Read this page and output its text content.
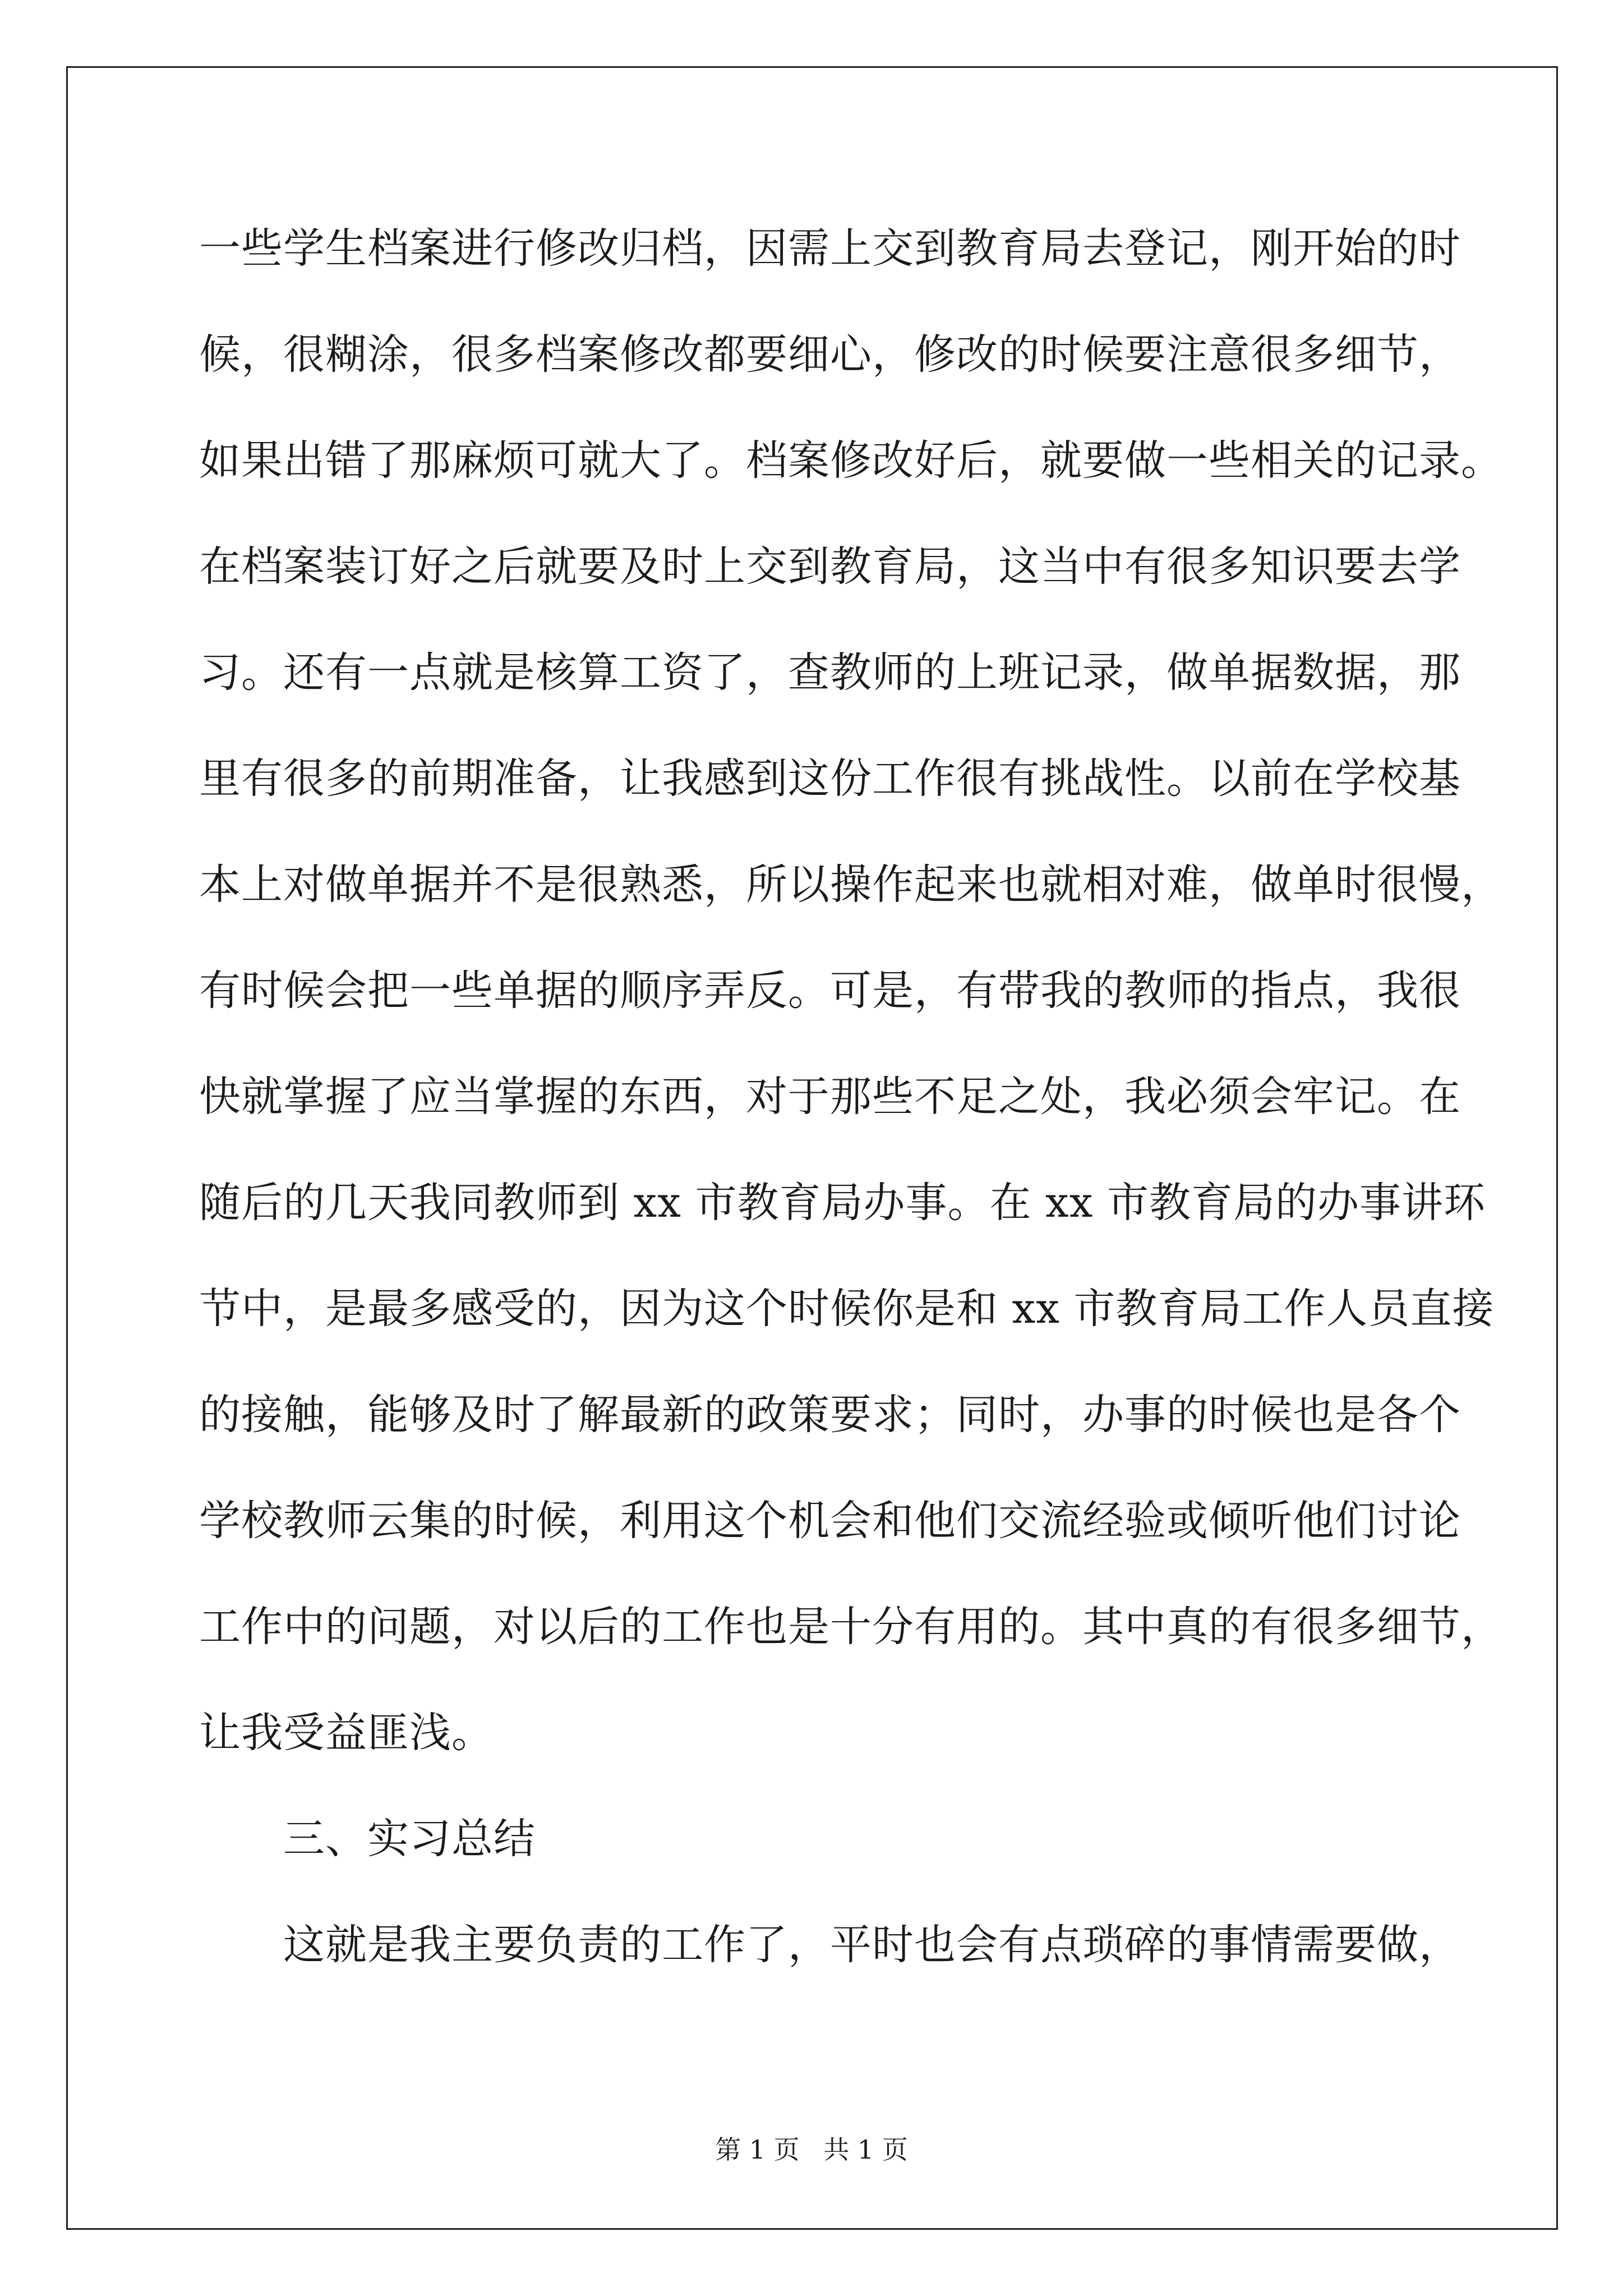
一些学生档案进行修改归档，因需上交到教育局去登记，刚开始的时
候，很糊涂，很多档案修改都要细心，修改的时候要注意很多细节，
如果出错了那麻烦可就大了。档案修改好后，就要做一些相关的记录。
在档案装订好之后就要及时上交到教育局，这当中有很多知识要去学
习。还有一点就是核算工资了，查教师的上班记录，做单据数据，那
里有很多的前期准备，让我感到这份工作很有挑战性。以前在学校基
本上对做单据并不是很熟悉，所以操作起来也就相对难，做单时很慢，
有时候会把一些单据的顺序弄反。可是，有带我的教师的指点，我很
快就掌握了应当掌握的东西，对于那些不足之处，我必须会牢记。在
随后的几天我同教师到 xx 市教育局办事。在 xx 市教育局的办事讲环
节中，是最多感受的，因为这个时候你是和 xx 市教育局工作人员直接
的接触，能够及时了解最新的政策要求；同时，办事的时候也是各个
学校教师云集的时候，利用这个机会和他们交流经验或倾听他们讨论
工作中的问题，对以后的工作也是十分有用的。其中真的有很多细节，
让我受益匪浅。
　　三、实习总结
　　这就是我主要负责的工作了，平时也会有点琐碎的事情需要做，
第 1 页 共 1 页
